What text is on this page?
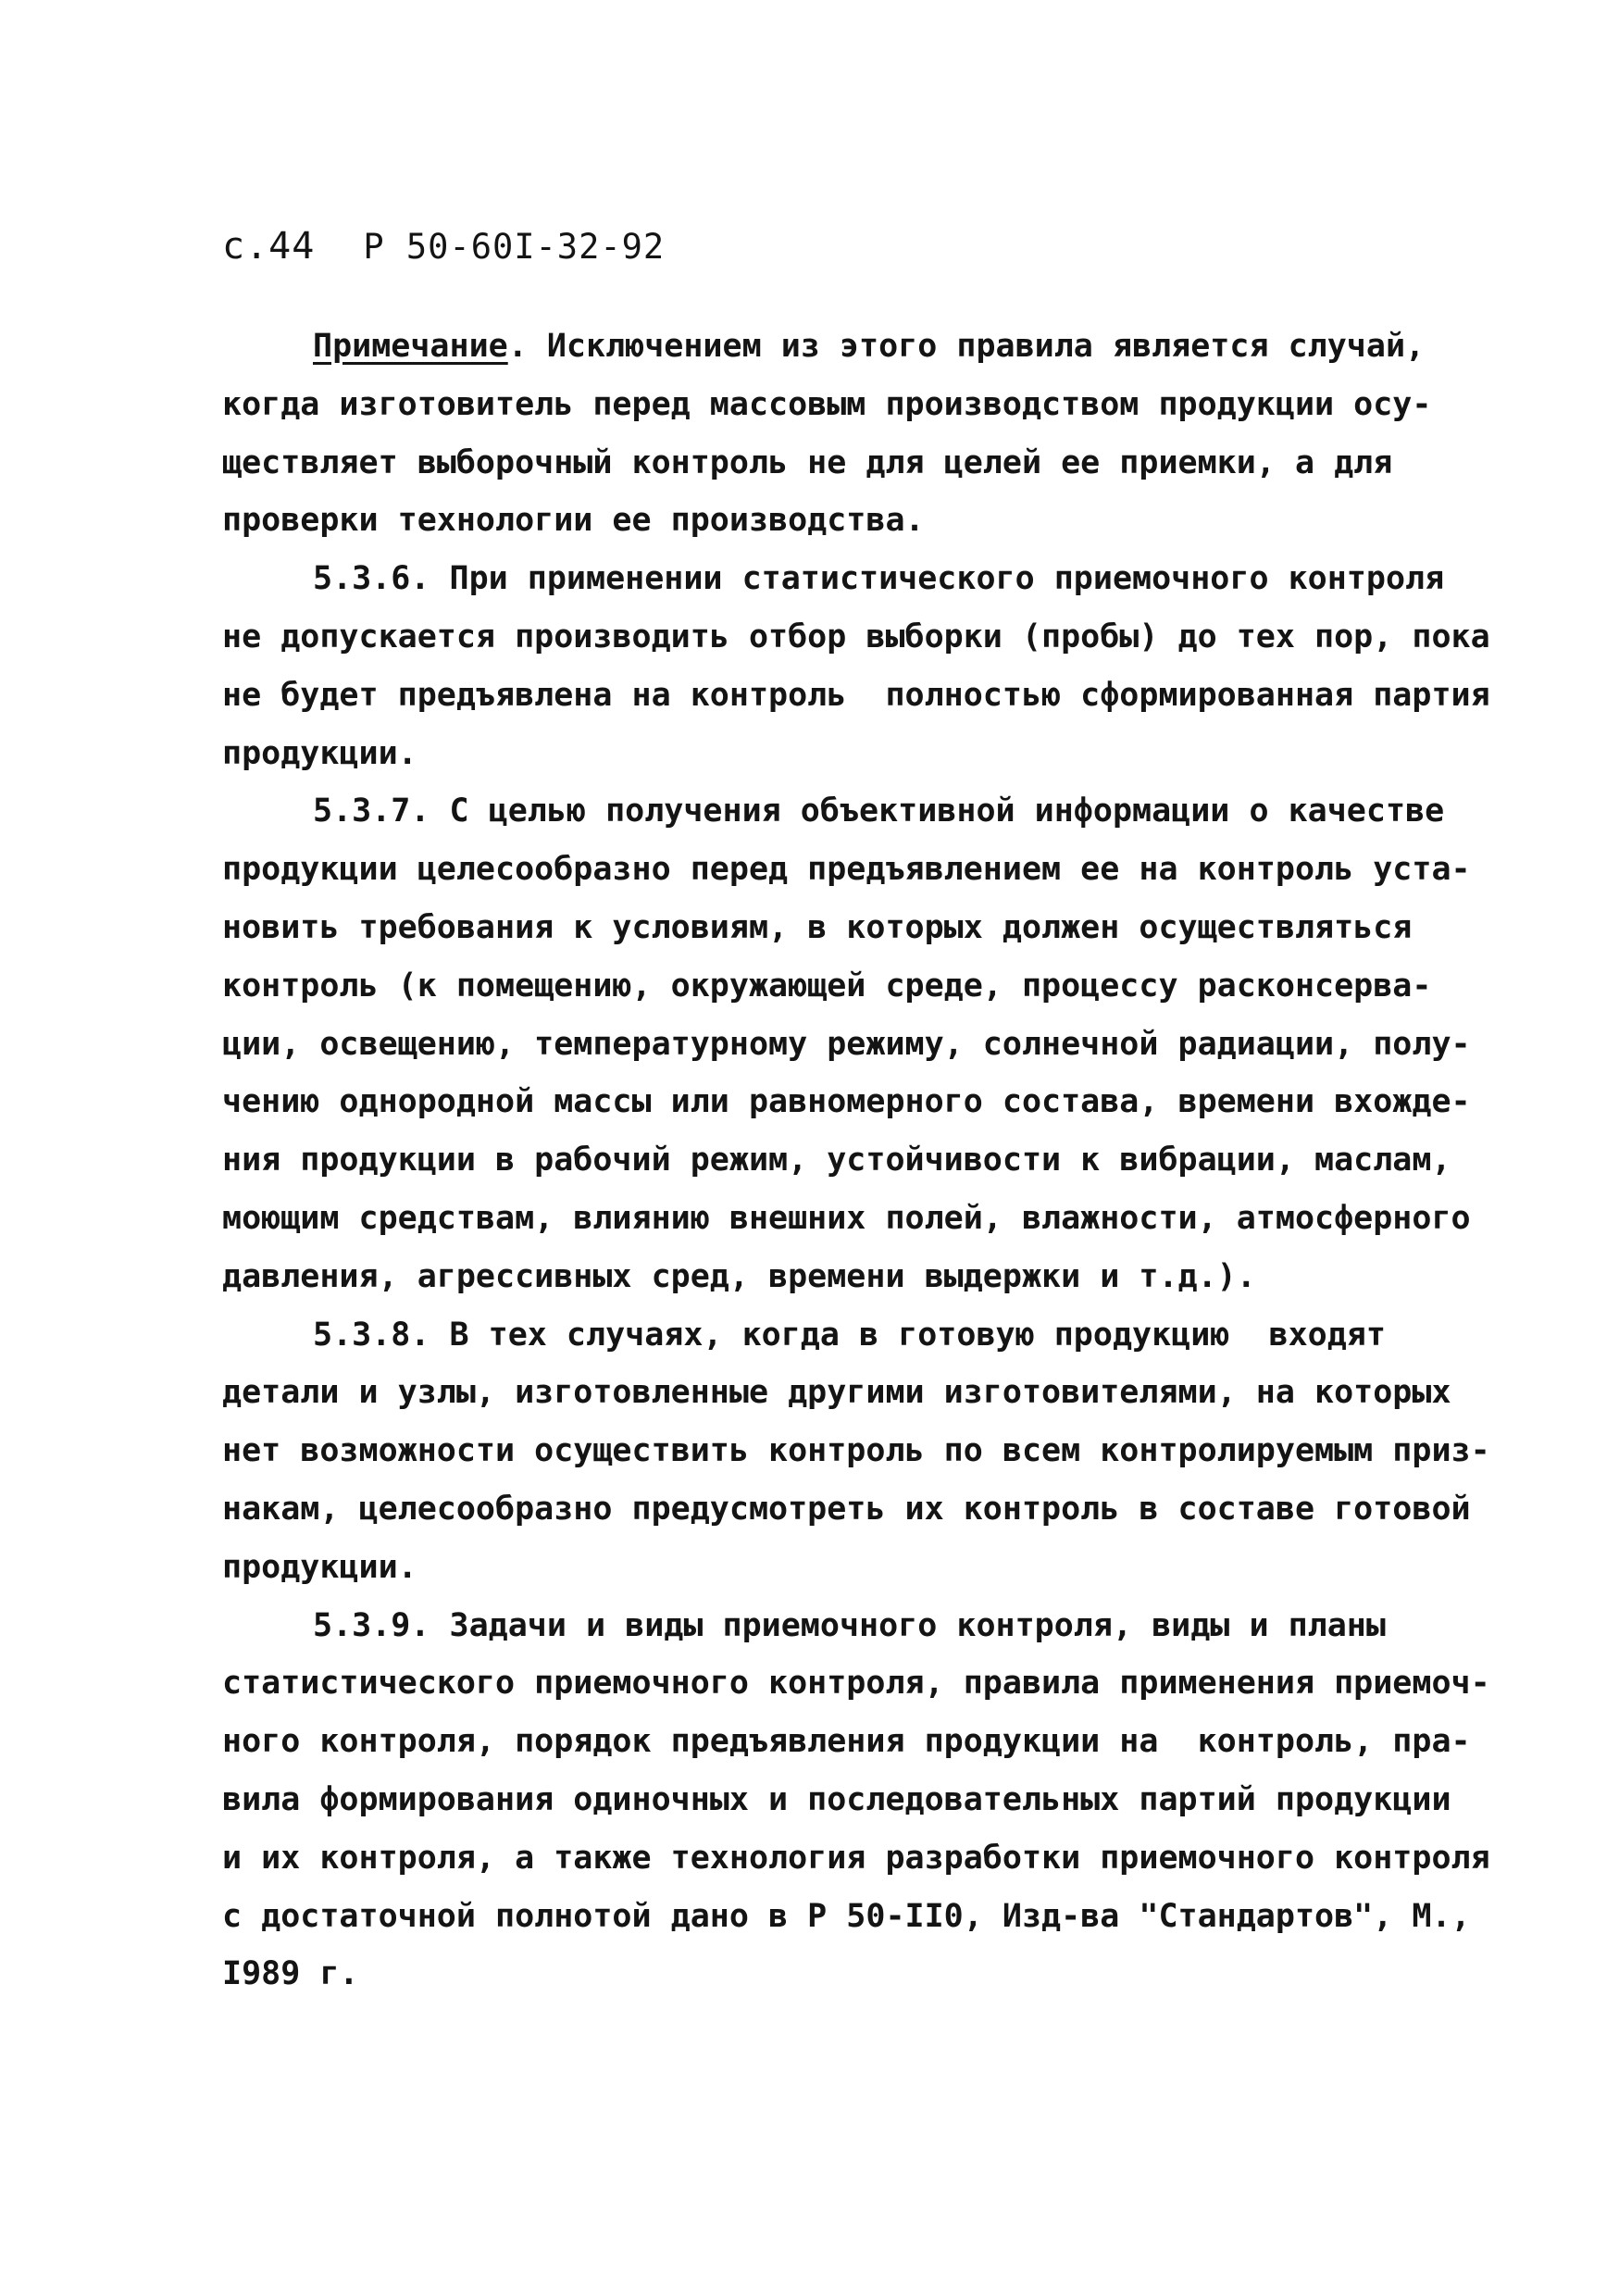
с.44 Р 50-60I-32-92
Примечание. Исключением из этого правила является случай,
когда изготовитель перед массовым производством продукции осу-
ществляет выборочный контроль не для целей ее приемки, а для
проверки технологии ее производства.
5.3.6. При применении статистического приемочного контроля
не допускается производить отбор выборки (пробы) до тех пор, пока
не будет предъявлена на контроль  полностью сформированная партия
продукции.
5.3.7. С целью получения объективной информации о качестве
продукции целесообразно перед предъявлением ее на контроль уста-
новить требования к условиям, в которых должен осуществляться
контроль (к помещению, окружающей среде, процессу расконсерва-
ции, освещению, температурному режиму, солнечной радиации, полу-
чению однородной массы или равномерного состава, времени вхожде-
ния продукции в рабочий режим, устойчивости к вибрации, маслам,
моющим средствам, влиянию внешних полей, влажности, атмосферного
давления, агрессивных сред, времени выдержки и т.д.).
5.3.8. В тех случаях, когда в готовую продукцию  входят
детали и узлы, изготовленные другими изготовителями, на которых
нет возможности осуществить контроль по всем контролируемым приз-
накам, целесообразно предусмотреть их контроль в составе готовой
продукции.
5.3.9. Задачи и виды приемочного контроля, виды и планы
статистического приемочного контроля, правила применения приемоч-
ного контроля, порядок предъявления продукции на  контроль, пра-
вила формирования одиночных и последовательных партий продукции
и их контроля, а также технология разработки приемочного контроля
с достаточной полнотой дано в Р 50-II0, Изд-ва "Стандартов", М.,
I989 г.
